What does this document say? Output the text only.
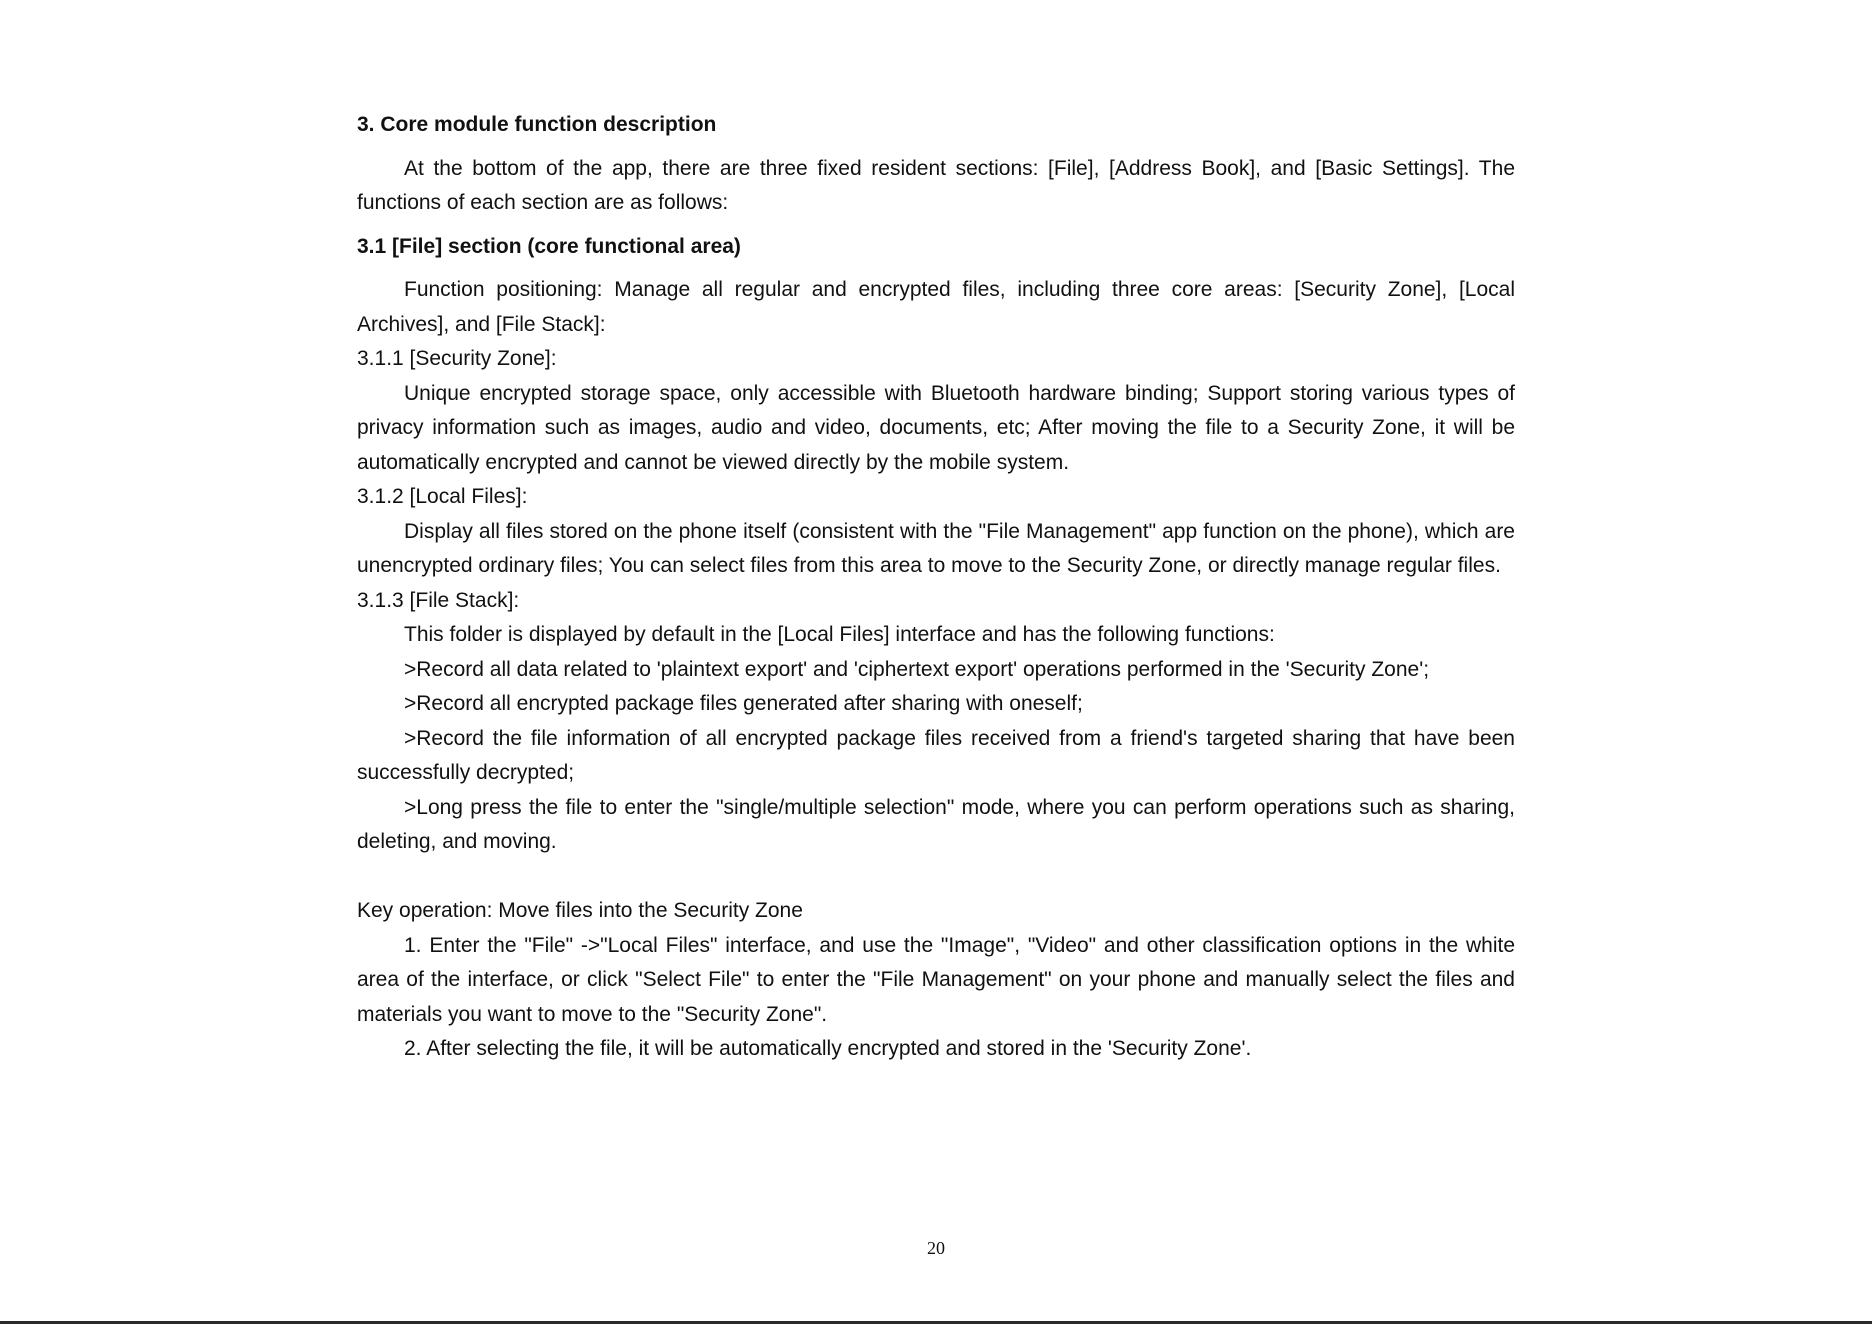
3. Core module function description

At the bottom of the app, there are three fixed resident sections: [File], [Address Book], and [Basic Settings]. The functions of each section are as follows:

3.1 [File] section (core functional area)

Function positioning: Manage all regular and encrypted files, including three core areas: [Security Zone], [Local Archives], and [File Stack]:

3.1.1 [Security Zone]:

Unique encrypted storage space, only accessible with Bluetooth hardware binding; Support storing various types of privacy information such as images, audio and video, documents, etc; After moving the file to a Security Zone, it will be automatically encrypted and cannot be viewed directly by the mobile system.

3.1.2 [Local Files]:

Display all files stored on the phone itself (consistent with the "File Management" app function on the phone), which are unencrypted ordinary files; You can select files from this area to move to the Security Zone, or directly manage regular files.

3.1.3 [File Stack]:

This folder is displayed by default in the [Local Files] interface and has the following functions:

>Record all data related to 'plaintext export' and 'ciphertext export' operations performed in the 'Security Zone';

>Record all encrypted package files generated after sharing with oneself;

>Record the file information of all encrypted package files received from a friend's targeted sharing that have been successfully decrypted;

>Long press the file to enter the "single/multiple selection" mode, where you can perform operations such as sharing, deleting, and moving.

Key operation: Move files into the Security Zone

1. Enter the "File" ->"Local Files" interface, and use the "Image", "Video" and other classification options in the white area of the interface, or click "Select File" to enter the "File Management" on your phone and manually select the files and materials you want to move to the "Security Zone".

2. After selecting the file, it will be automatically encrypted and stored in the 'Security Zone'.

20
